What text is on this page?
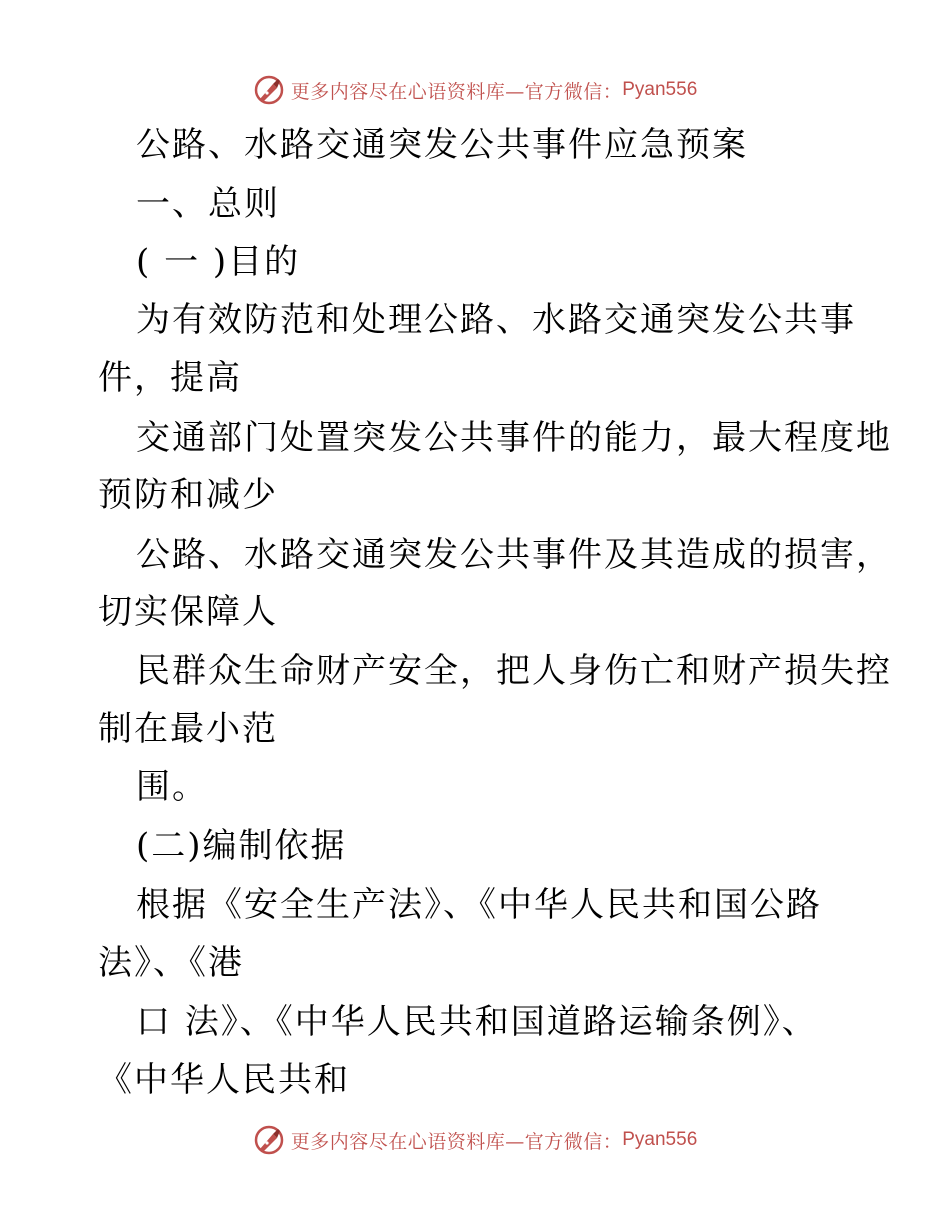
更多内容尽在心语资料库—官方微信： Pyan556
公路、水路交通突发公共事件应急预案
一、总则
( 一 )目的
为有效防范和处理公路、水路交通突发公共事
件，提高
交通部门处置突发公共事件的能力，最大程度地
预防和减少
公路、水路交通突发公共事件及其造成的损害，
切实保障人
民群众生命财产安全，把人身伤亡和财产损失控
制在最小范
围。
(二)编制依据
根据《安全生产法》、《中华人民共和国公路
法》、《港
口 法》、《中华人民共和国道路运输条例》、
《中华人民共和
更多内容尽在心语资料库—官方微信： Pyan556
